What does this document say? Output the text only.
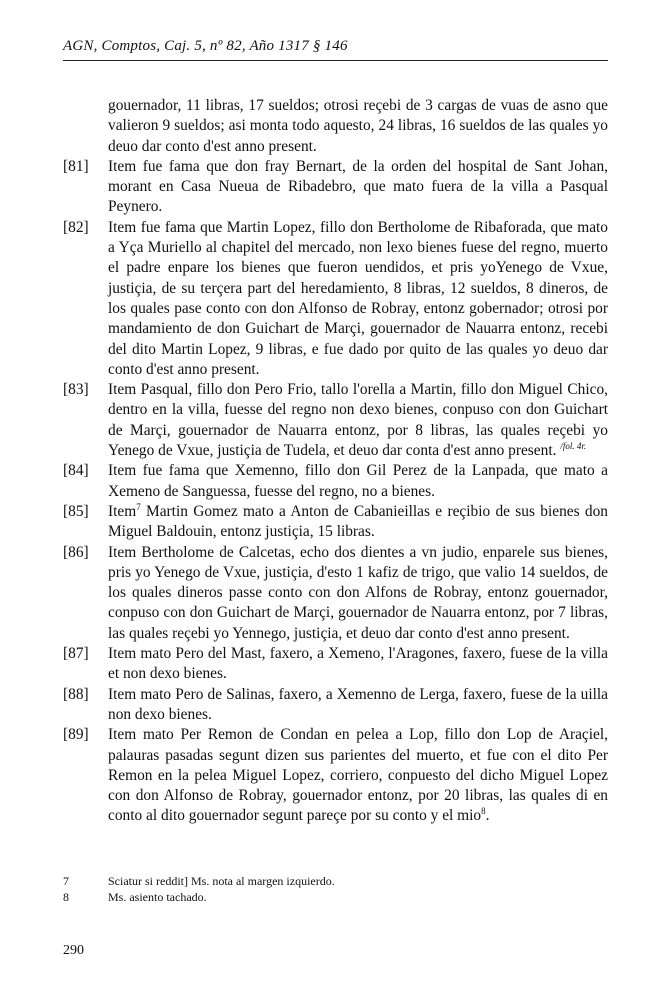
AGN, Comptos, Caj. 5, nº 82, Año 1317 § 146

gouernador, 11 libras, 17 sueldos; otrosi reçebi de 3 cargas de vuas de asno que valieron 9 sueldos; asi monta todo aquesto, 24 libras, 16 sueldos de las quales yo deuo dar conto d'est anno present.

[81] Item fue fama que don fray Bernart, de la orden del hospital de Sant Johan, morant en Casa Nueua de Ribadebro, que mato fuera de la villa a Pasqual Peynero.

[82] Item fue fama que Martin Lopez, fillo don Bertholome de Ribaforada, que mato a Yça Muriello al chapitel del mercado, non lexo bienes fuese del regno, muerto el padre enpare los bienes que fueron uendidos, et pris yoYenego de Vxue, justiçia, de su terçera part del heredamiento, 8 libras, 12 sueldos, 8 dineros, de los quales pase conto con don Alfonso de Robray, entonz gobernador; otrosi por mandamiento de don Guichart de Marçi, gouernador de Nauarra entonz, recebi del dito Martin Lopez, 9 libras, e fue dado por quito de las quales yo deuo dar conto d'est anno present.

[83] Item Pasqual, fillo don Pero Frio, tallo l'orella a Martin, fillo don Miguel Chico, dentro en la villa, fuesse del regno non dexo bienes, conpuso con don Guichart de Marçi, gouernador de Nauarra entonz, por 8 libras, las quales reçebi yo Yenego de Vxue, justiçia de Tudela, et deuo dar conta d'est anno present. $^{/fol. 4r.}$

[84] Item fue fama que Xemenno, fillo don Gil Perez de la Lanpada, que mato a Xemeno de Sanguessa, fuesse del regno, no a bienes.

[85] Item$^7$ Martin Gomez mato a Anton de Cabanieillas e reçibio de sus bienes don Miguel Baldouin, entonz justiçia, 15 libras.

[86] Item Bertholome de Calcetas, echo dos dientes a vn judio, enparele sus bienes, pris yo Yenego de Vxue, justiçia, d'esto 1 kafiz de trigo, que valio 14 sueldos, de los quales dineros passe conto con don Alfons de Robray, entonz gouernador, conpuso con don Guichart de Marçi, gouernador de Nauarra entonz, por 7 libras, las quales reçebi yo Yennego, justiçia, et deuo dar conto d'est anno present.

[87] Item mato Pero del Mast, faxero, a Xemeno, l'Aragones, faxero, fuese de la villa et non dexo bienes.

[88] Item mato Pero de Salinas, faxero, a Xemenno de Lerga, faxero, fuese de la uilla non dexo bienes.

[89] Item mato Per Remon de Condan en pelea a Lop, fillo don Lop de Araçiel, palauras pasadas segunt dizen sus parientes del muerto, et fue con el dito Per Remon en la pelea Miguel Lopez, corriero, conpuesto del dicho Miguel Lopez con don Alfonso de Robray, gouernador entonz, por 20 libras, las quales di en conto al dito gouernador segunt pareçe por su conto y el mio$^8$.

7	Sciatur si reddit] Ms. nota al margen izquierdo.
8	Ms. asiento tachado.
290
